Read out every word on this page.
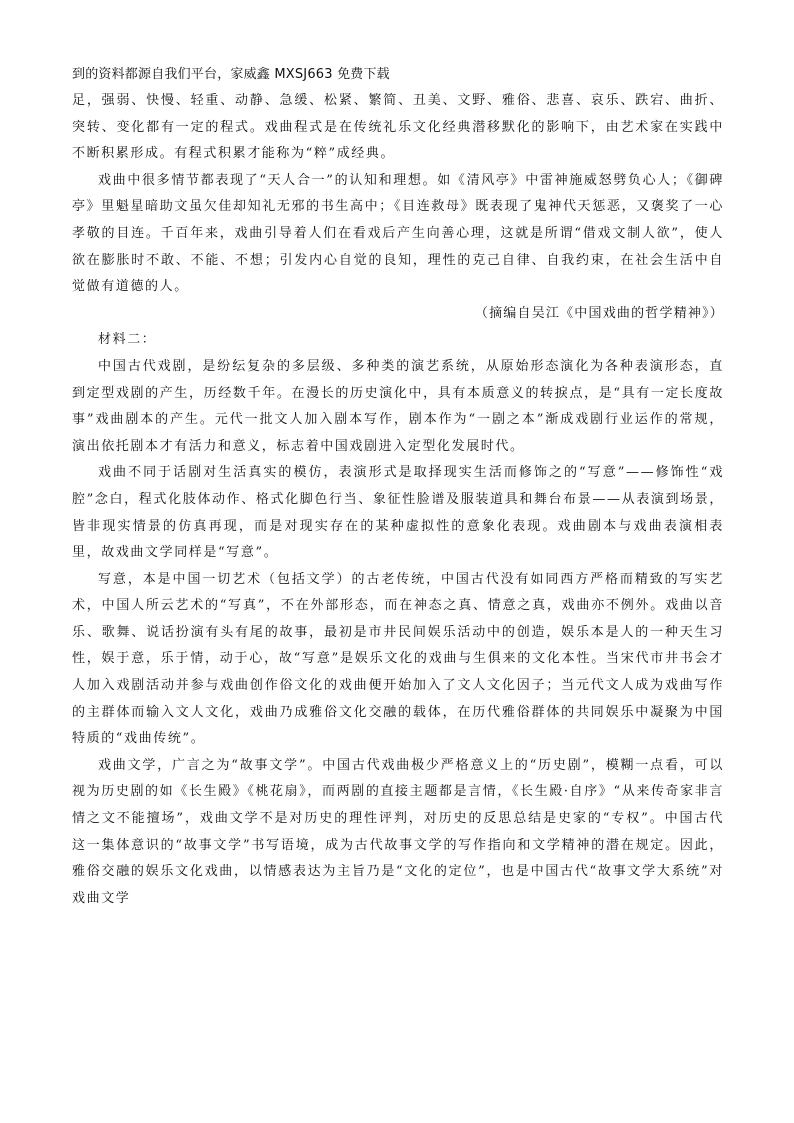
到的资料都源自我们平台，家威鑫 MXSJ663 免费下载

足，强弱、快慢、轻重、动静、急缓、松紧、繁简、丑美、文野、雅俗、悲喜、哀乐、跌宕、曲折、突转、变化都有一定的程式。戏曲程式是在传统礼乐文化经典潜移默化的影响下，由艺术家在实践中不断积累形成。有程式积累才能称为“粹”成经典。

戏曲中很多情节都表现了“天人合一”的认知和理想。如《清风亭》中雷神施威怒劈负心人；《御碑亭》里魁星暗助文虽欠佳却知礼无邪的书生高中；《目连救母》既表现了鬼神代天惩恶，又褒奖了一心孝敬的目连。千百年来，戏曲引导着人们在看戏后产生向善心理，这就是所谓“借戏文制人欲”，使人欲在膨胀时不敢、不能、不想；引发内心自觉的良知，理性的克己自律、自我约束，在社会生活中自觉做有道德的人。

（摘编自吴江《中国戏曲的哲学精神》）

材料二：

中国古代戏剧，是纷纭复杂的多层级、多种类的演艺系统，从原始形态演化为各种表演形态，直到定型戏剧的产生，历经数千年。在漫长的历史演化中，具有本质意义的转捩点，是“具有一定长度故事”戏曲剧本的产生。元代一批文人加入剧本写作，剧本作为“一剧之本”渐成戏剧行业运作的常规，演出依托剧本才有活力和意义，标志着中国戏剧进入定型化发展时代。

戏曲不同于话剧对生活真实的模仿，表演形式是取择现实生活而修饰之的“写意”——修饰性“戏腔”念白，程式化肢体动作、格式化脚色行当、象征性脸谱及服装道具和舞台布景——从表演到场景，皆非现实情景的仿真再现，而是对现实存在的某种虚拟性的意象化表现。戏曲剧本与戏曲表演相表里，故戏曲文学同样是“写意”。

写意，本是中国一切艺术（包括文学）的古老传统，中国古代没有如同西方严格而精致的写实艺术，中国人所云艺术的“写真”，不在外部形态，而在神态之真、情意之真，戏曲亦不例外。戏曲以音乐、歌舞、说话扮演有头有尾的故事，最初是市井民间娱乐活动中的创造，娱乐本是人的一种天生习性，娱于意，乐于情，动于心，故“写意”是娱乐文化的戏曲与生俱来的文化本性。当宋代市井书会才人加入戏剧活动并参与戏曲创作俗文化的戏曲便开始加入了文人文化因子；当元代文人成为戏曲写作的主群体而输入文人文化，戏曲乃成雅俗文化交融的载体，在历代雅俗群体的共同娱乐中凝聚为中国特质的“戏曲传统”。

戏曲文学，广言之为“故事文学”。中国古代戏曲极少严格意义上的“历史剧”，模糊一点看，可以视为历史剧的如《长生殿》《桃花扇》，而两剧的直接主题都是言情，《长生殿·自序》“从来传奇家非言情之文不能擅场”，戏曲文学不是对历史的理性评判，对历史的反思总结是史家的“专权”。中国古代这一集体意识的“故事文学”书写语境，成为古代故事文学的写作指向和文学精神的潜在规定。因此，雅俗交融的娱乐文化戏曲，以情感表达为主旨乃是“文化的定位”，也是中国古代“故事文学大系统”对戏曲文学
